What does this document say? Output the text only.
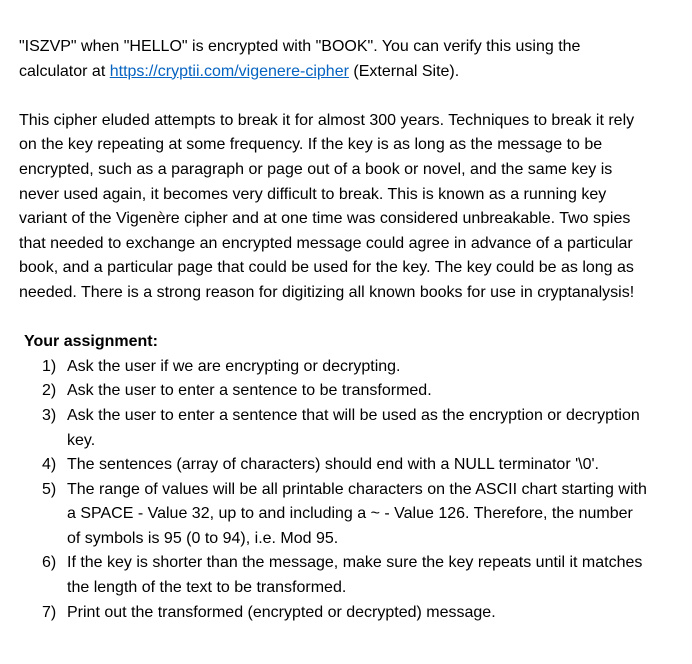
"ISZVP" when "HELLO" is encrypted with "BOOK". You can verify this using the calculator at https://cryptii.com/vigenere-cipher (External Site).

This cipher eluded attempts to break it for almost 300 years. Techniques to break it rely on the key repeating at some frequency. If the key is as long as the message to be encrypted, such as a paragraph or page out of a book or novel, and the same key is never used again, it becomes very difficult to break. This is known as a running key variant of the Vigenère cipher and at one time was considered unbreakable. Two spies that needed to exchange an encrypted message could agree in advance of a particular book, and a particular page that could be used for the key. The key could be as long as needed. There is a strong reason for digitizing all known books for use in cryptanalysis!

Your assignment:
1) Ask the user if we are encrypting or decrypting.
2) Ask the user to enter a sentence to be transformed.
3) Ask the user to enter a sentence that will be used as the encryption or decryption key.
4) The sentences (array of characters) should end with a NULL terminator '\0'.
5) The range of values will be all printable characters on the ASCII chart starting with a SPACE - Value 32, up to and including a ~ - Value 126. Therefore, the number of symbols is 95 (0 to 94), i.e. Mod 95.
6) If the key is shorter than the message, make sure the key repeats until it matches the length of the text to be transformed.
7) Print out the transformed (encrypted or decrypted) message.
